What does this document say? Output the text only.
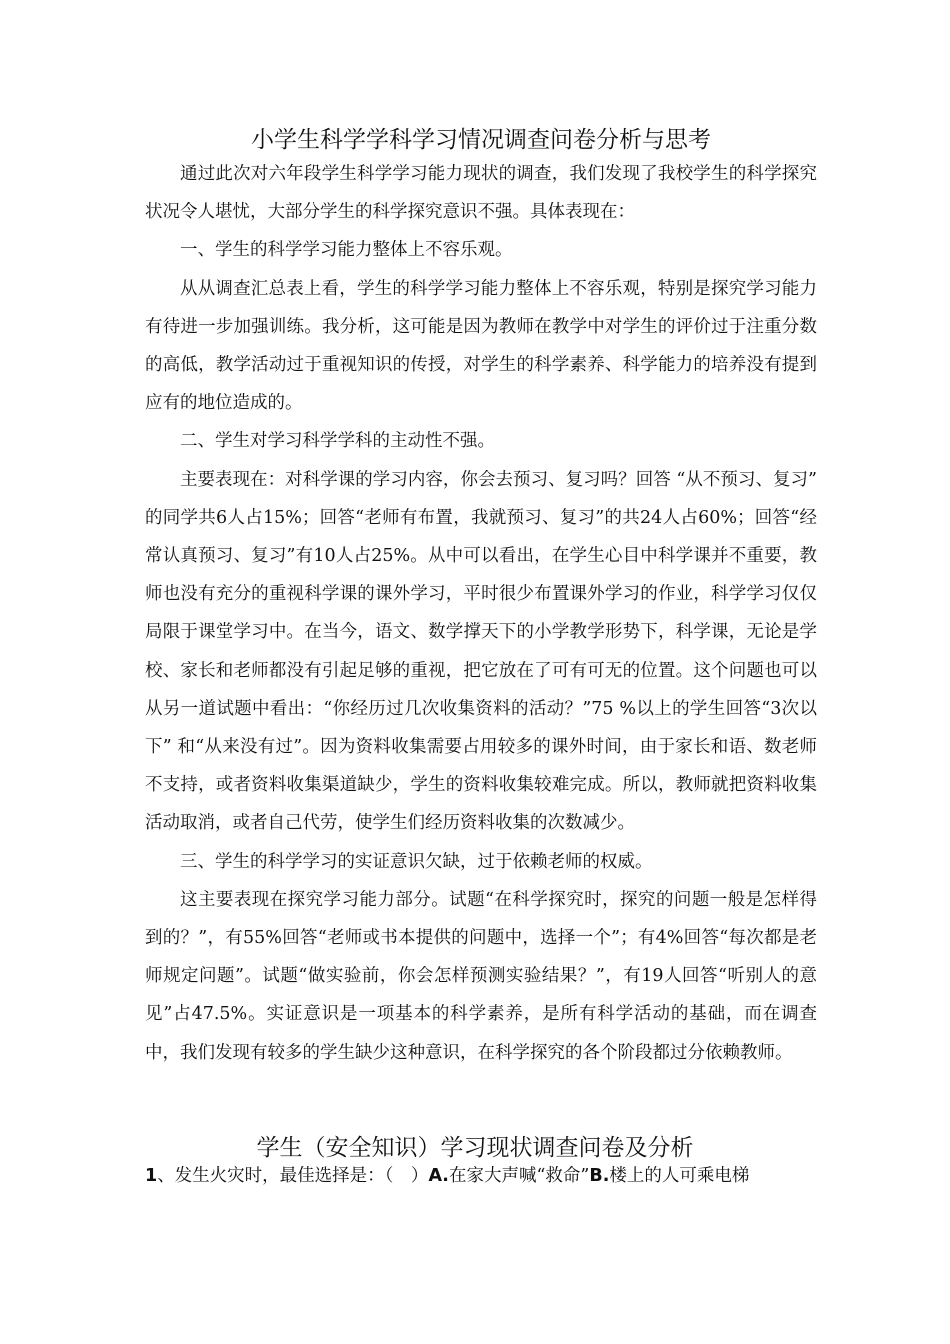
小学生科学学科学习情况调查问卷分析与思考

通过此次对六年段学生科学学习能力现状的调查，我们发现了我校学生的科学探究状况令人堪忧，大部分学生的科学探究意识不强。具体表现在：

一、学生的科学学习能力整体上不容乐观。

从从调查汇总表上看，学生的科学学习能力整体上不容乐观，特别是探究学习能力有待进一步加强训练。我分析，这可能是因为教师在教学中对学生的评价过于注重分数的高低，教学活动过于重视知识的传授，对学生的科学素养、科学能力的培养没有提到应有的地位造成的。

二、学生对学习科学学科的主动性不强。

主要表现在：对科学课的学习内容，你会去预习、复习吗？回答 “从不预习、复习” 的同学共6人占15%；回答“老师有布置，我就预习、复习”的共24人占60%；回答“经常认真预习、复习”有10人占25%。从中可以看出，在学生心目中科学课并不重要，教师也没有充分的重视科学课的课外学习，平时很少布置课外学习的作业，科学学习仅仅局限于课堂学习中。在当今，语文、数学撑天下的小学教学形势下，科学课，无论是学校、家长和老师都没有引起足够的重视，把它放在了可有可无的位置。这个问题也可以从另一道试题中看出：“你经历过几次收集资料的活动？”75 %以上的学生回答“3次以下” 和“从来没有过”。因为资料收集需要占用较多的课外时间，由于家长和语、数老师不支持，或者资料收集渠道缺少，学生的资料收集较难完成。所以，教师就把资料收集活动取消，或者自己代劳，使学生们经历资料收集的次数减少。

三、学生的科学学习的实证意识欠缺，过于依赖老师的权威。

这主要表现在探究学习能力部分。试题“在科学探究时，探究的问题一般是怎样得到的？”，有55%回答“老师或书本提供的问题中，选择一个”；有4%回答“每次都是老师规定问题”。试题“做实验前，你会怎样预测实验结果？”，有19人回答“听别人的意见”占47.5%。实证意识是一项基本的科学素养，是所有科学活动的基础，而在调查中，我们发现有较多的学生缺少这种意识，在科学探究的各个阶段都过分依赖教师。

学生（安全知识）学习现状调查问卷及分析
1、发生火灾时，最佳选择是：（　）A.在家大声喊“救命”B.楼上的人可乘电梯
